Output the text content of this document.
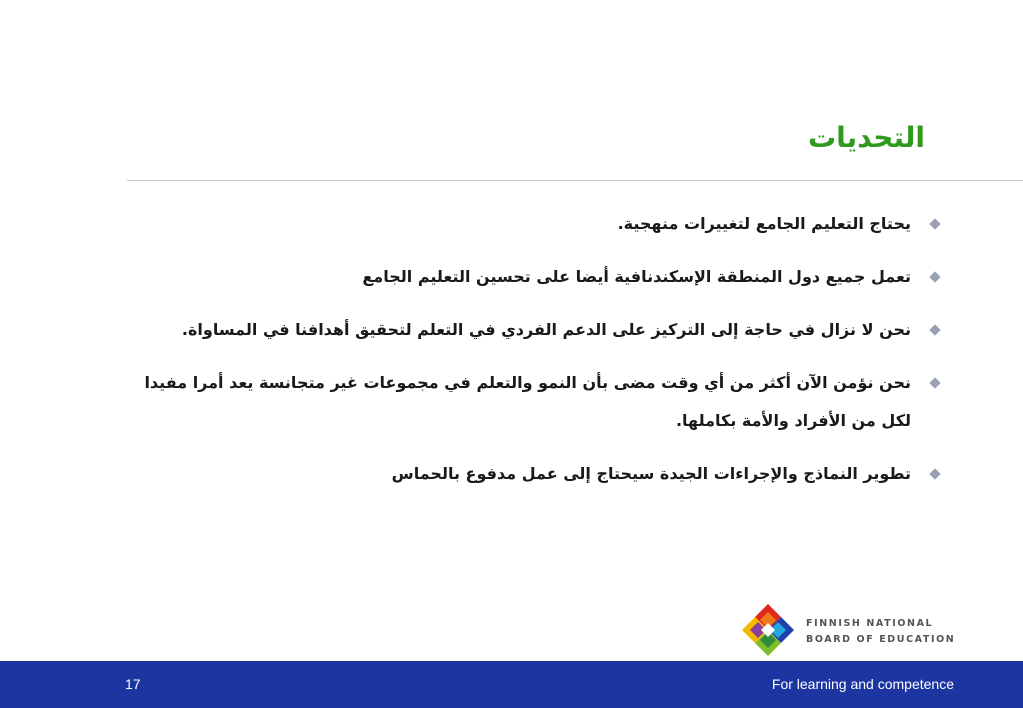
التحديات
يحتاج التعليم الجامع لتغييرات منهجية.
تعمل جميع دول المنطقة الإسكندنافية أيضا على تحسين التعليم الجامع
نحن لا نزال في حاجة إلى التركيز على الدعم الفردي في التعلم لتحقيق أهدافنا في المساواة.
نحن نؤمن الآن أكثر من أي وقت مضى بأن النمو والتعلم في مجموعات غير متجانسة يعد أمرا مفيدا لكل من الأفراد والأمة بكاملها.
تطوير النماذج والإجراءات الجيدة سيحتاج إلى عمل مدفوع بالحماس
FINNISH NATIONAL
BOARD OF EDUCATION
17	For learning and competence
